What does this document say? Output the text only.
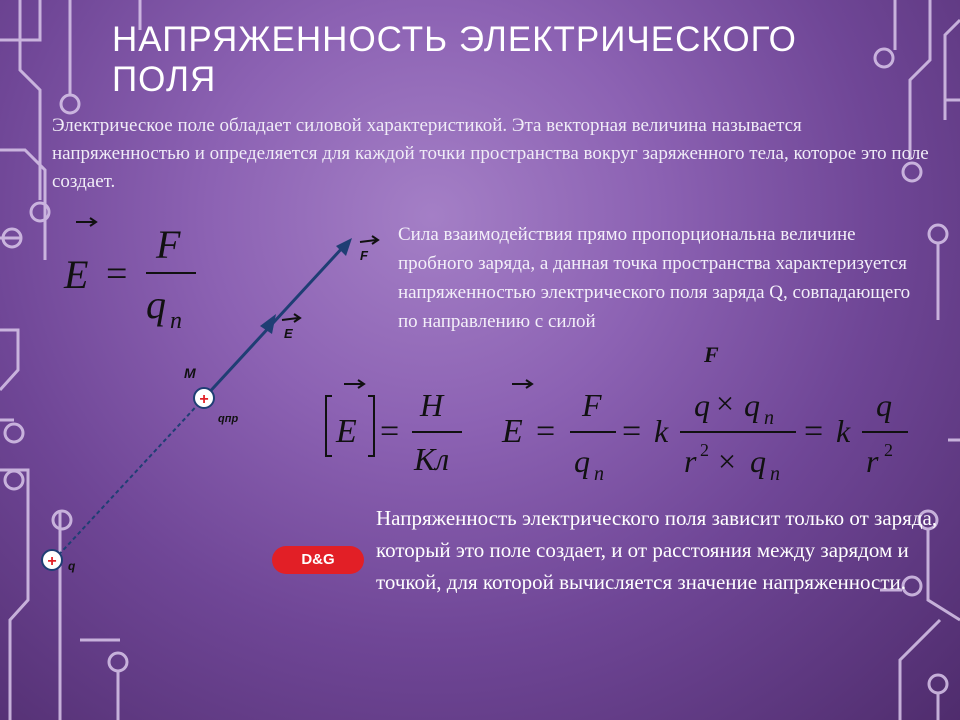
НАПРЯЖЕННОСТЬ ЭЛЕКТРИЧЕСКОГО ПОЛЯ
Электрическое поле обладает силовой характеристикой. Эта векторная величина называется напряженностью и определяется для каждой точки пространства вокруг заряженного тела, которое это поле создает.
E =
F
q n
F
E
M
+
qпр
+ q
Сила взаимодействия прямо пропорциональна величине пробного заряда, а данная точка пространства характеризуется напряженностью электрического поля заряда Q, совпадающего по направлению с силой
F
E =
Н
Кл
E =
F
q n
= k
q × q n
r 2 × q n
= k
q
r 2
D&G
Напряженность электрического поля зависит только от заряда, который это поле создает, и от расстояния между зарядом и точкой, для которой вычисляется значение напряженности.
